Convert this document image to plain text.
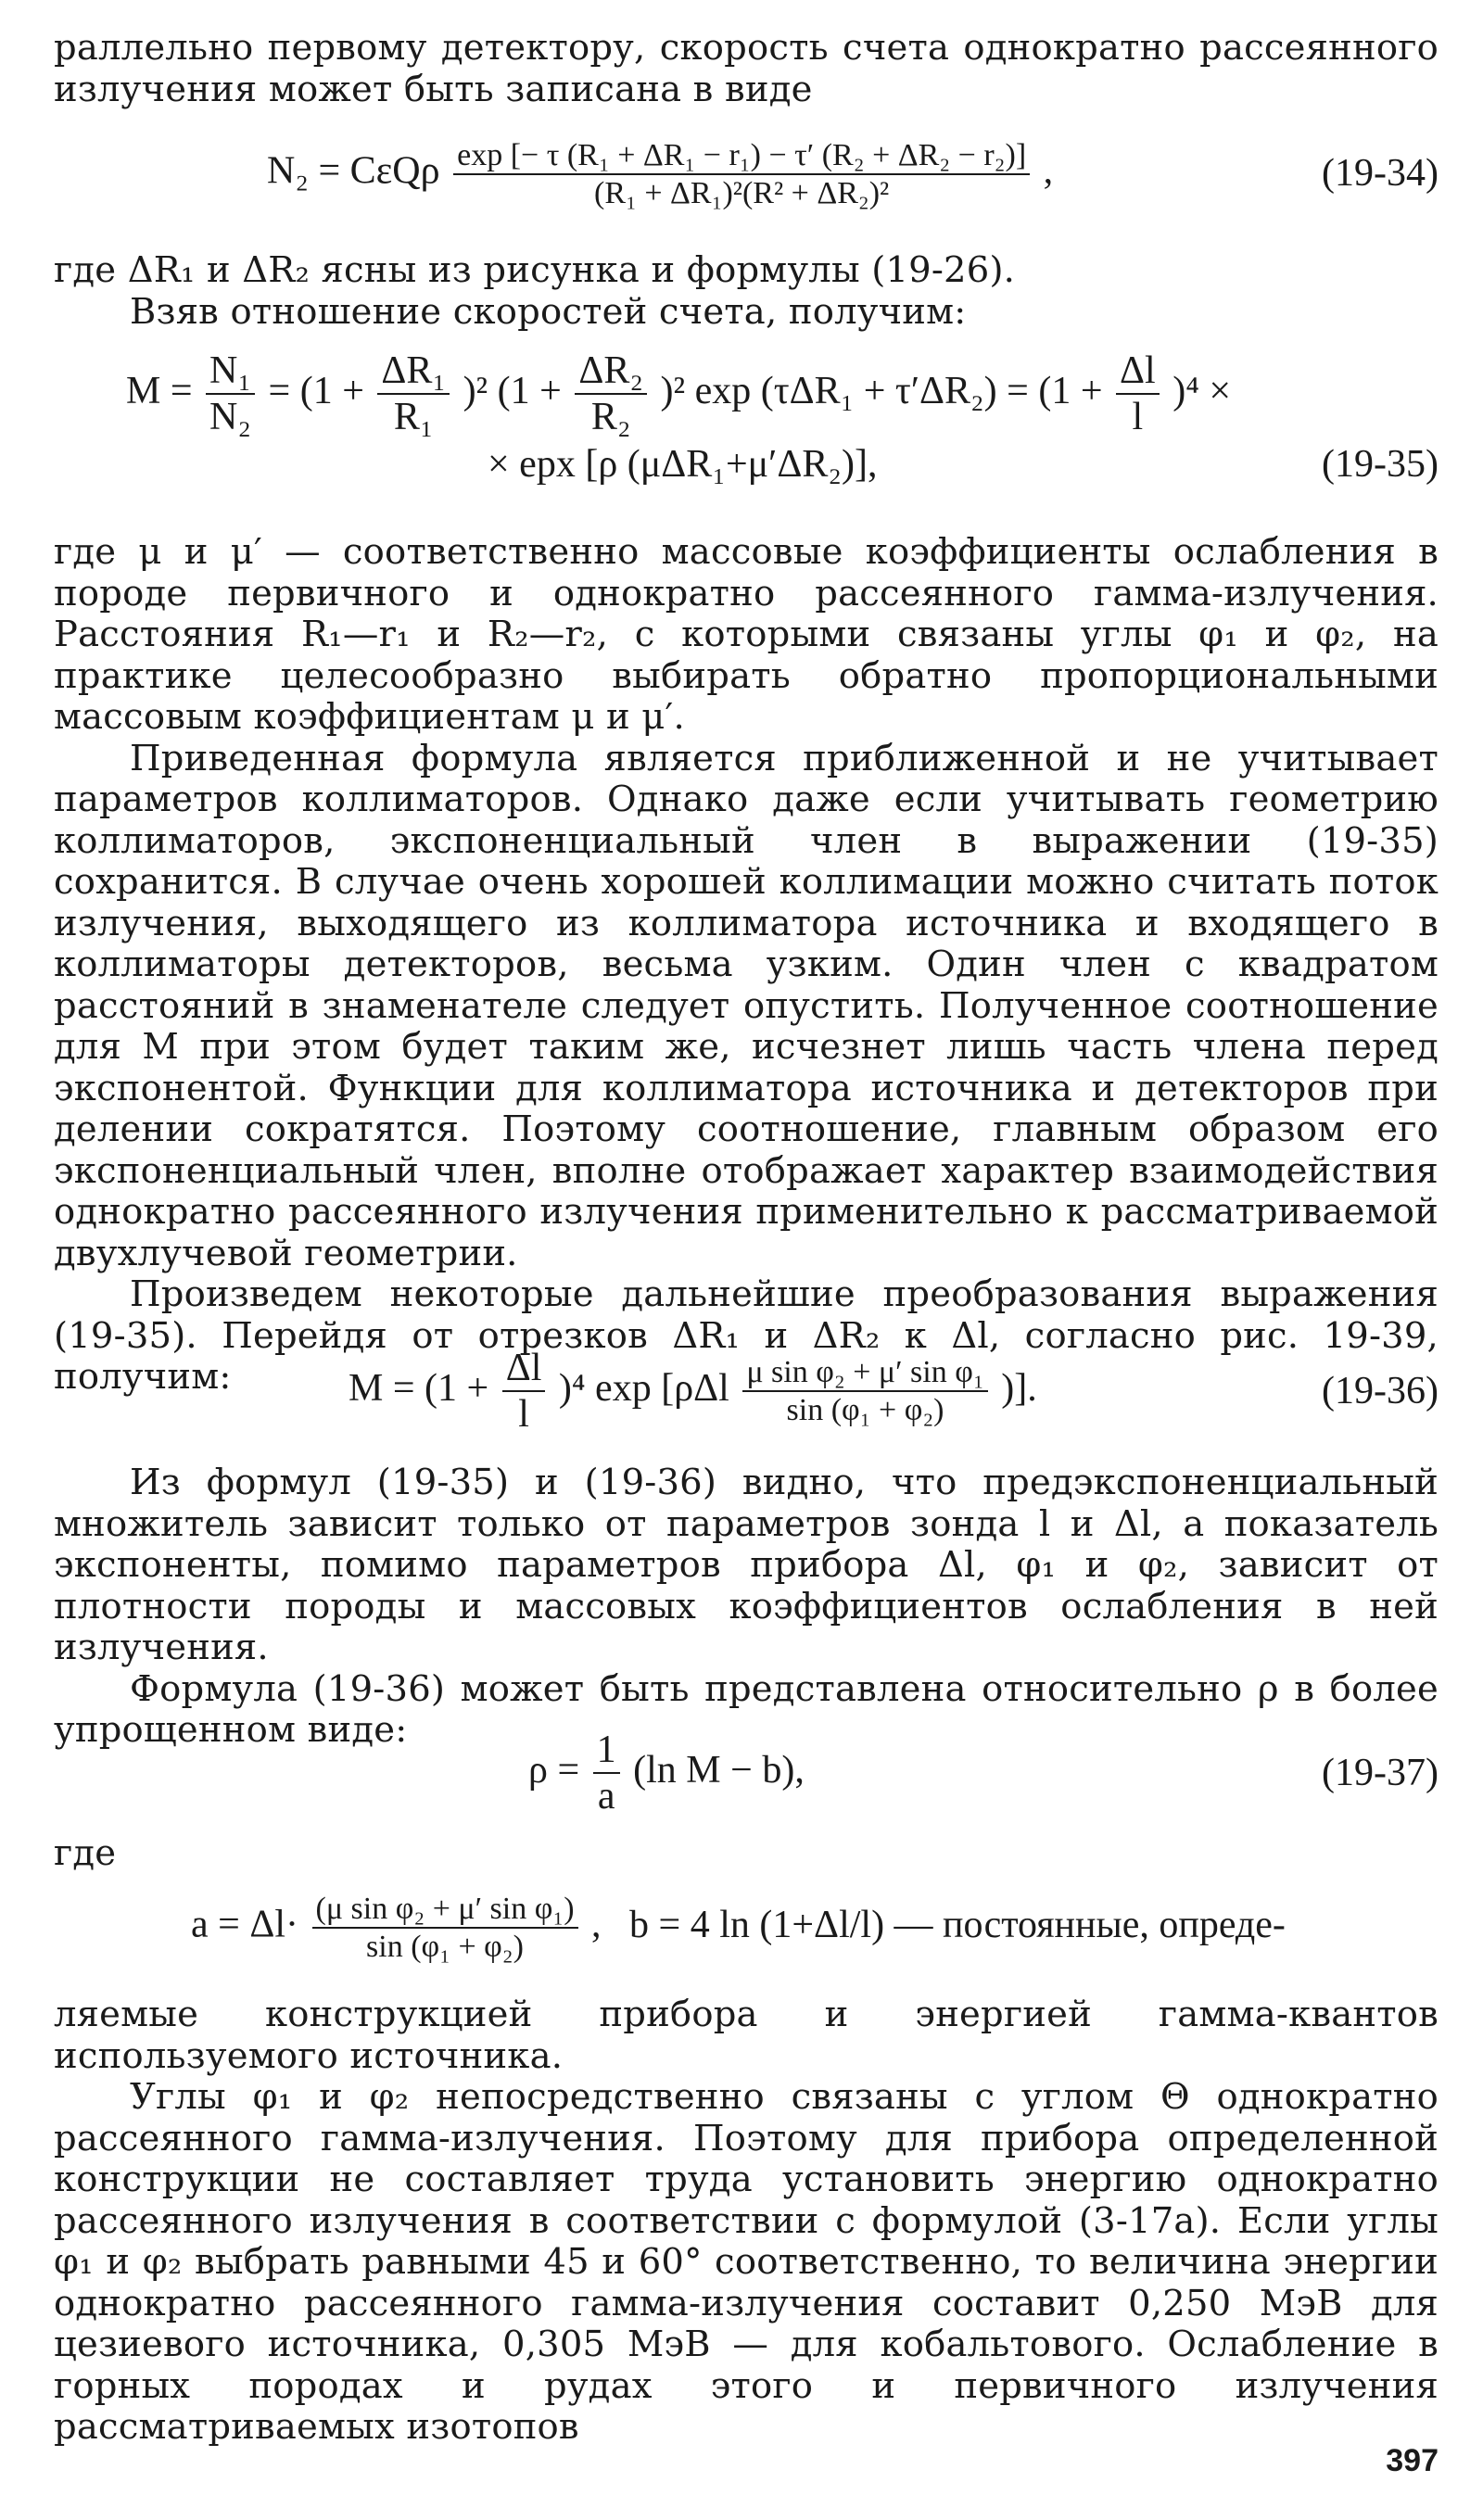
раллельно первому детектору, скорость счета однократно рассеянного излучения может быть записана в виде

N₂ = CεQρ $\frac{\text{exp [− τ (R₁ + ΔR₁ − r₁) − τ′ (R₂ + ΔR₂ − r₂)]}}{\text{(R₁ + ΔR₁)²(R² + ΔR₂)²}}$ ,	(19-34)

где ΔR₁ и ΔR₂ ясны из рисунка и формулы (19-26).

Взяв отношение скоростей счета, получим:

$M = \frac{\text{N₁}}{\text{N₂}} = (1 + \frac{\text{ΔR₁}}{\text{R₁}} )^2$ $(1 + \frac{\text{ΔR₂}}{\text{R₂}} )^2$ $\exp (\tau\Delta R_1 + \tau'\Delta R_2) = (1 + \frac{\Delta l}{l} )^4$ ×
× epx [ρ (μΔR₁+μ′ΔR₂)],	(19-35)

где μ и μ′ — соответственно массовые коэффициенты ослабления в породе первичного и однократно рассеянного гамма-излучения. Расстояния R₁—r₁ и R₂—r₂, с которыми связаны углы φ₁ и φ₂, на практике целесообразно выбирать обратно пропорциональными массовым коэффициентам μ и μ′.

Приведенная формула является приближенной и не учитывает параметров коллиматоров. Однако даже если учитывать геометрию коллиматоров, экспоненциальный член в выражении (19-35) сохранится. В случае очень хорошей коллимации можно считать поток излучения, выходящего из коллиматора источника и входящего в коллиматоры детекторов, весьма узким. Один член с квадратом расстояний в знаменателе следует опустить. Полученное соотношение для M при этом будет таким же, исчезнет лишь часть члена перед экспонентой. Функции для коллиматора источника и детекторов при делении сократятся. Поэтому соотношение, главным образом его экспоненциальный член, вполне отображает характер взаимодействия однократно рассеянного излучения применительно к рассматриваемой двухлучевой геометрии.

Произведем некоторые дальнейшие преобразования выражения (19-35). Перейдя от отрезков ΔR₁ и ΔR₂ к Δl, согласно рис. 19-39, получим:	$M = (1 + \frac{\Delta l}{l} )^4$ $\exp [\rho\Delta l \frac{\text{μ sin φ₂ + μ′ sin φ₁}}{\text{sin (φ₁ + φ₂)}}$ )].	(19-36)

Из формул (19-35) и (19-36) видно, что предэкспоненциальный множитель зависит только от параметров зонда l и Δl, а показатель экспоненты, помимо параметров прибора Δl, φ₁ и φ₂, зависит от плотности породы и массовых коэффициентов ослабления в ней излучения.

Формула (19-36) может быть представлена относительно ρ в более упрощенном виде:

$\rho = \frac{1}{a} (\ln$ M − b),	(19-37)

где

$a = \Delta l\cdot \frac{\text{(μ sin φ₂ + μ′ sin φ₁)}}{\text{sin (φ₁ + φ₂)}}$ , b = 4 ln (1+Δl/l) — постоянные, опреде-

ляемые конструкцией прибора и энергией гамма-квантов используемого источника.

Углы φ₁ и φ₂ непосредственно связаны с углом Θ однократно рассеянного гамма-излучения. Поэтому для прибора определенной конструкции не составляет труда установить энергию однократно рассеянного излучения в соответствии с формулой (3-17а). Если углы φ₁ и φ₂ выбрать равными 45 и 60° соответственно, то величина энергии однократно рассеянного гамма-излучения составит 0,250 МэВ для цезиевого источника, 0,305 МэВ — для кобальтового. Ослабление в горных породах и рудах этого и первичного излучения рассматриваемых изотопов

397
